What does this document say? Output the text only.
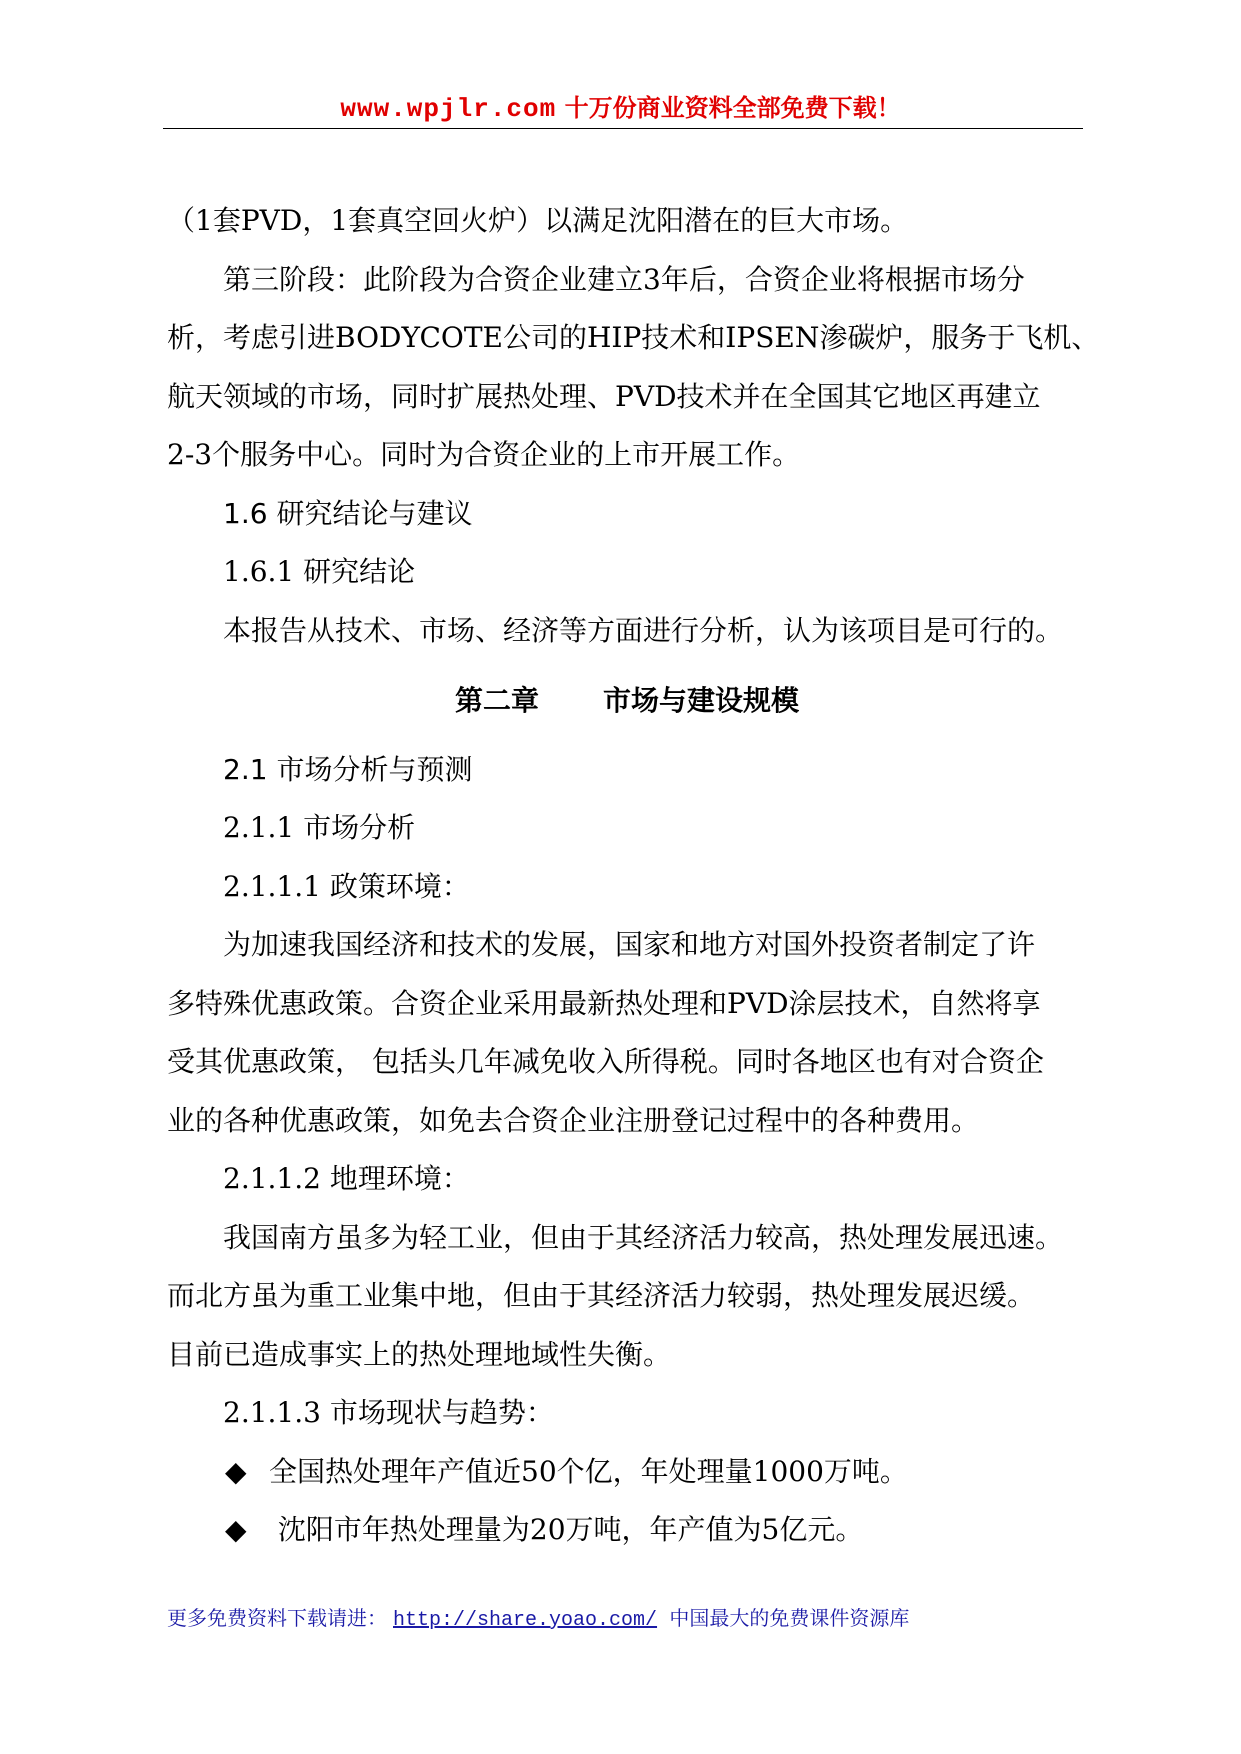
www.wpjlr.com 十万份商业资料全部免费下载！

（1套PVD，1套真空回火炉）以满足沈阳潜在的巨大市场。

第三阶段：此阶段为合资企业建立3年后，合资企业将根据市场分

析，考虑引进BODYCOTE公司的HIP技术和IPSEN渗碳炉，服务于飞机、

航天领域的市场，同时扩展热处理、PVD技术并在全国其它地区再建立

2-3个服务中心。同时为合资企业的上市开展工作。

1.6 研究结论与建议

1.6.1 研究结论

本报告从技术、市场、经济等方面进行分析，认为该项目是可行的。

第二章 市场与建设规模

2.1 市场分析与预测

2.1.1 市场分析

2.1.1.1 政策环境：

为加速我国经济和技术的发展，国家和地方对国外投资者制定了许

多特殊优惠政策。合资企业采用最新热处理和PVD涂层技术，自然将享

受其优惠政策， 包括头几年减免收入所得税。同时各地区也有对合资企

业的各种优惠政策，如免去合资企业注册登记过程中的各种费用。

2.1.1.2 地理环境：

我国南方虽多为轻工业，但由于其经济活力较高，热处理发展迅速。

而北方虽为重工业集中地，但由于其经济活力较弱，热处理发展迟缓。

目前已造成事实上的热处理地域性失衡。

2.1.1.3 市场现状与趋势：

◆ 全国热处理年产值近50个亿，年处理量1000万吨。
◆ 沈阳市年热处理量为20万吨，年产值为5亿元。
更多免费资料下载请进： http://share.yoao.com/ 中国最大的免费课件资源库
